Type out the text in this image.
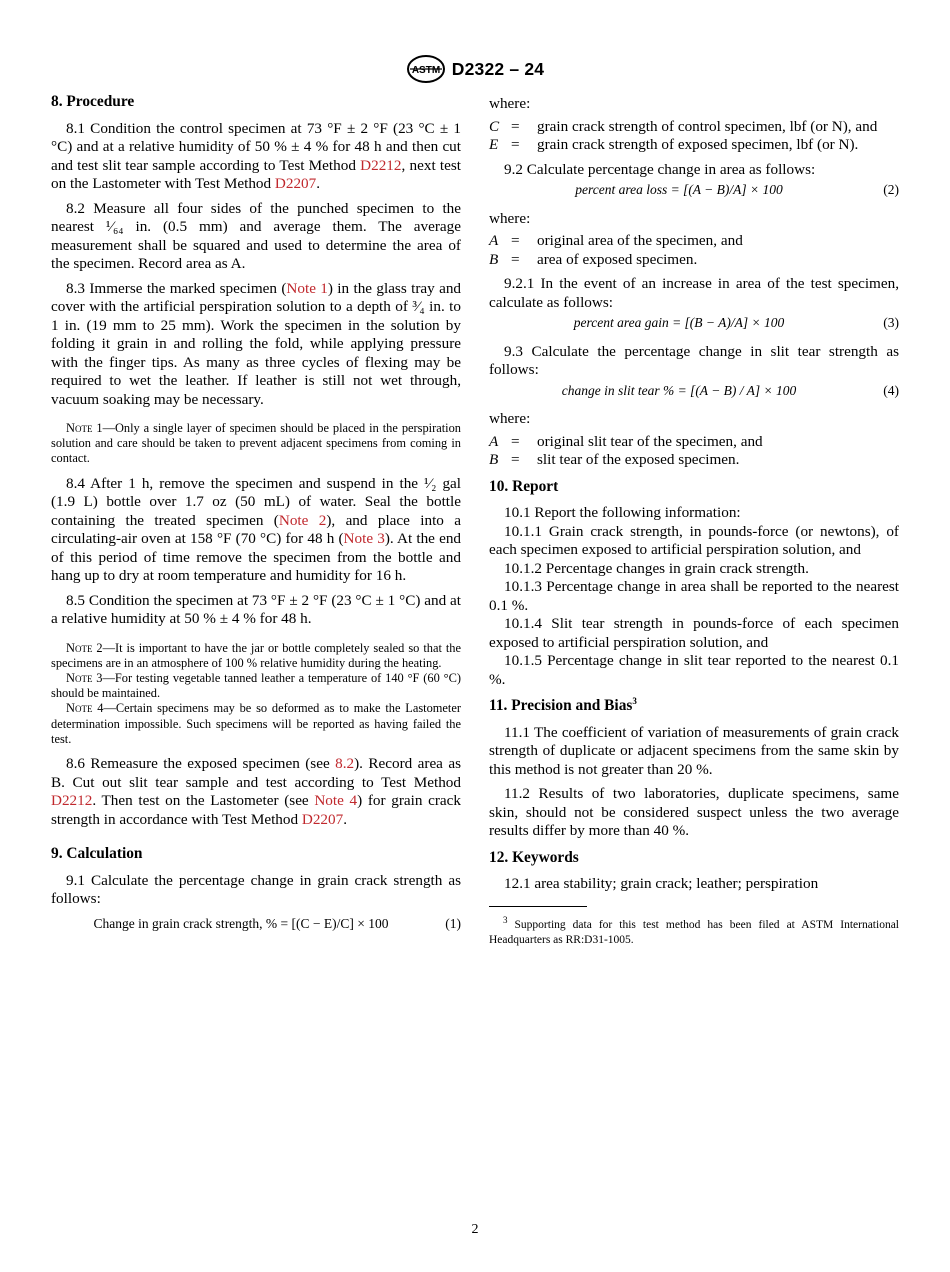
ASTM D2322 – 24
8. Procedure

8.1 Condition the control specimen at 73 °F ± 2 °F (23 °C ± 1 °C) and at a relative humidity of 50 % ± 4 % for 48 h and then cut and test slit tear sample according to Test Method D2212, next test on the Lastometer with Test Method D2207.

8.2 Measure all four sides of the punched specimen to the nearest ¹⁄₆₄ in. (0.5 mm) and average them. The average measurement shall be squared and used to determine the area of the specimen. Record area as A.

8.3 Immerse the marked specimen (Note 1) in the glass tray and cover with the artificial perspiration solution to a depth of ³⁄₄ in. to 1 in. (19 mm to 25 mm). Work the specimen in the solution by folding it grain in and rolling the fold, while applying pressure with the finger tips. As many as three cycles of flexing may be required to wet the leather. If leather is still not wet through, vacuum soaking may be necessary.

Note 1—Only a single layer of specimen should be placed in the perspiration solution and care should be taken to prevent adjacent specimens from coming in contact.

8.4 After 1 h, remove the specimen and suspend in the ¹⁄₂ gal (1.9 L) bottle over 1.7 oz (50 mL) of water. Seal the bottle containing the treated specimen (Note 2), and place into a circulating-air oven at 158 °F (70 °C) for 48 h (Note 3). At the end of this period of time remove the specimen from the bottle and hang up to dry at room temperature and humidity for 16 h.

8.5 Condition the specimen at 73 °F ± 2 °F (23 °C ± 1 °C) and at a relative humidity at 50 % ± 4 % for 48 h.

Note 2—It is important to have the jar or bottle completely sealed so that the specimens are in an atmosphere of 100 % relative humidity during the heating.

Note 3—For testing vegetable tanned leather a temperature of 140 °F (60 °C) should be maintained.

Note 4—Certain specimens may be so deformed as to make the Lastometer determination impossible. Such specimens will be reported as having failed the test.

8.6 Remeasure the exposed specimen (see 8.2). Record area as B. Cut out slit tear sample and test according to Test Method D2212. Then test on the Lastometer (see Note 4) for grain crack strength in accordance with Test Method D2207.

9. Calculation

9.1 Calculate the percentage change in grain crack strength as follows:

Change in grain crack strength, % = [(C − E)/C] × 100	(1)
where:
C =	grain crack strength of control specimen, lbf (or N), and
E =	grain crack strength of exposed specimen, lbf (or N).

9.2 Calculate percentage change in area as follows:

percent area loss = [(A − B)/A] × 100	(2)
where:
A =	original area of the specimen, and
B =	area of exposed specimen.

9.2.1 In the event of an increase in area of the test specimen, calculate as follows:

percent area gain = [(B − A)/A] × 100	(3)

9.3 Calculate the percentage change in slit tear strength as follows:

change in slit tear % = [(A − B) / A] × 100	(4)
where:
A =	original slit tear of the specimen, and
B =	slit tear of the exposed specimen.
10. Report

10.1 Report the following information:

10.1.1 Grain crack strength, in pounds-force (or newtons), of each specimen exposed to artificial perspiration solution, and

10.1.2 Percentage changes in grain crack strength.

10.1.3 Percentage change in area shall be reported to the nearest 0.1 %.

10.1.4 Slit tear strength in pounds-force of each specimen exposed to artificial perspiration solution, and

10.1.5 Percentage change in slit tear reported to the nearest 0.1 %.

11. Precision and Bias$^3$

11.1 The coefficient of variation of measurements of grain crack strength of duplicate or adjacent specimens from the same skin by this method is not greater than 20 %.

11.2 Results of two laboratories, duplicate specimens, same skin, should not be considered suspect unless the two average results differ by more than 40 %.

12. Keywords

12.1 area stability; grain crack; leather; perspiration

$^3$ Supporting data for this test method has been filed at ASTM International Headquarters as RR:D31-1005.

2
